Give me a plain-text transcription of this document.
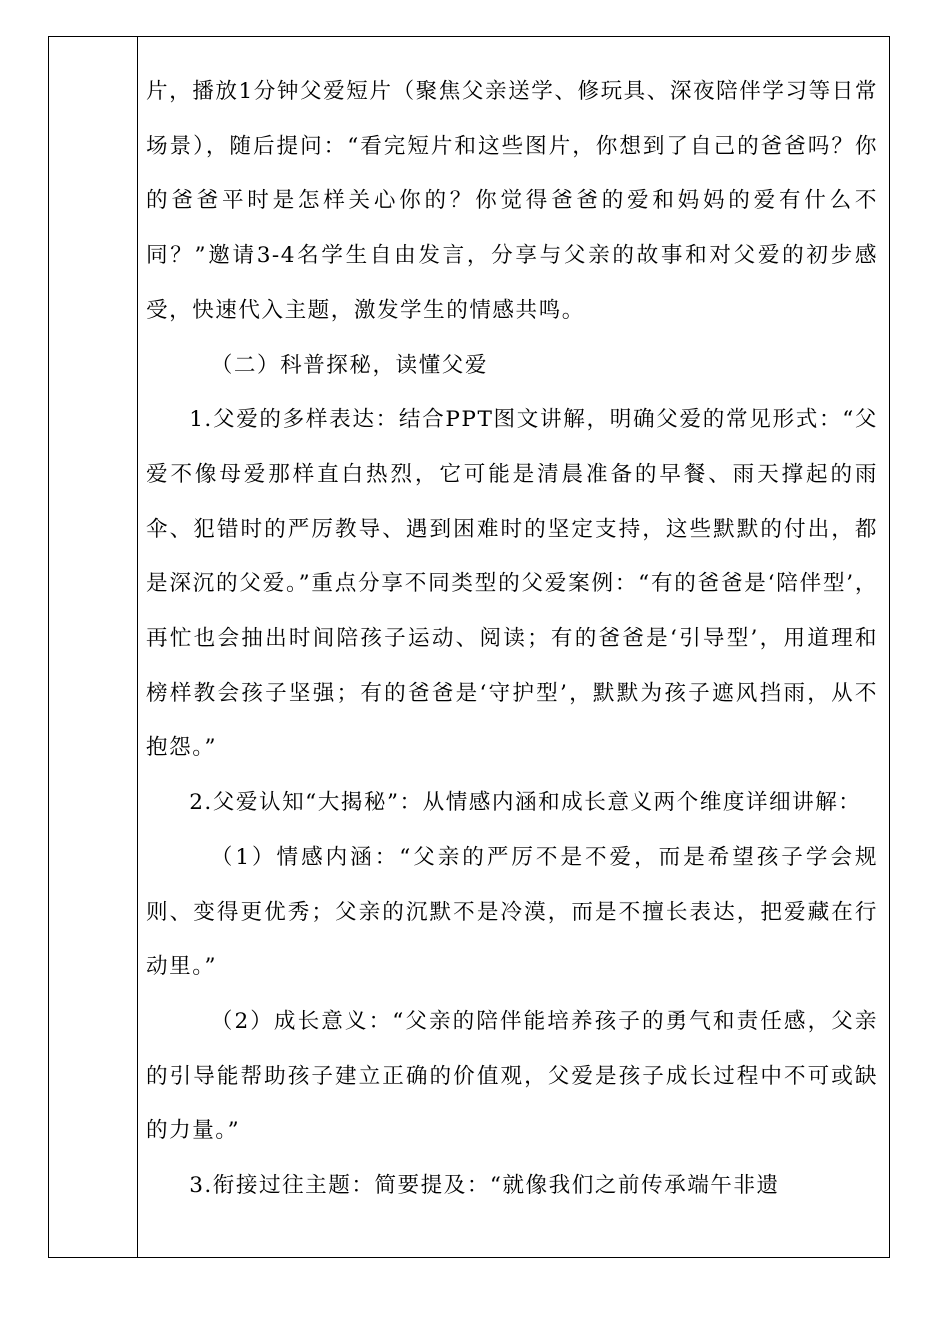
片，播放1分钟父爱短片（聚焦父亲送学、修玩具、深夜陪伴学习等日常场景），随后提问：“看完短片和这些图片，你想到了自己的爸爸吗？你的爸爸平时是怎样关心你的？你觉得爸爸的爱和妈妈的爱有什么不同？”邀请3-4名学生自由发言，分享与父亲的故事和对父爱的初步感受，快速代入主题，激发学生的情感共鸣。

（二）科普探秘，读懂父爱

1.父爱的多样表达：结合PPT图文讲解，明确父爱的常见形式：“父爱不像母爱那样直白热烈，它可能是清晨准备的早餐、雨天撑起的雨伞、犯错时的严厉教导、遇到困难时的坚定支持，这些默默的付出，都是深沉的父爱。”重点分享不同类型的父爱案例：“有的爸爸是‘陪伴型’，再忙也会抽出时间陪孩子运动、阅读；有的爸爸是‘引导型’，用道理和榜样教会孩子坚强；有的爸爸是‘守护型’，默默为孩子遮风挡雨，从不抱怨。”

2.父爱认知“大揭秘”：从情感内涵和成长意义两个维度详细讲解：

（1）情感内涵：“父亲的严厉不是不爱，而是希望孩子学会规则、变得更优秀；父亲的沉默不是冷漠，而是不擅长表达，把爱藏在行动里。”

（2）成长意义：“父亲的陪伴能培养孩子的勇气和责任感，父亲的引导能帮助孩子建立正确的价值观，父爱是孩子成长过程中不可或缺的力量。”

3.衔接过往主题：简要提及：“就像我们之前传承端午非遗
